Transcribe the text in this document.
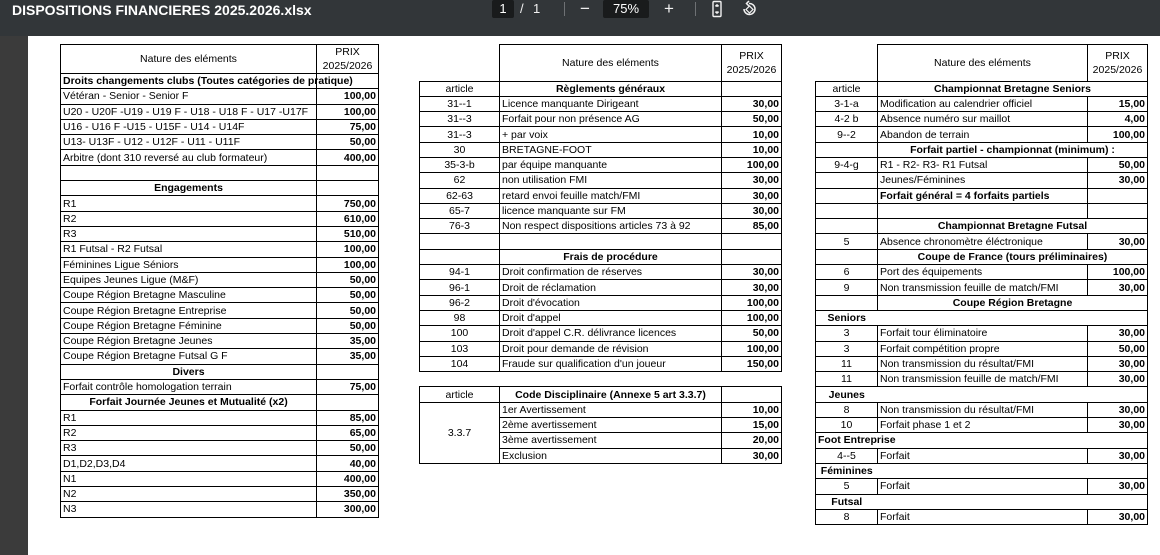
DISPOSITIONS FINANCIERES 2025.2026.xlsx	1	/ 1 −	75%	+
Nature des eléments	PRIX
2025/2026
Droits changements clubs (Toutes catégories de pratique)	
Vétéran - Senior - Senior F	100,00
U20 - U20F -U19 - U19 F - U18 - U18 F - U17 -U17F	100,00
U16 - U16 F -U15 - U15F - U14 - U14F	75,00
U13- U13F - U12 - U12F - U11 - U11F	50,00
Arbitre (dont 310 reversé au club formateur)	400,00

Engagements	
R1	750,00
R2	610,00
R3	510,00
R1 Futsal - R2 Futsal	100,00
Féminines Ligue Séniors	100,00
Equipes Jeunes Ligue (M&F)	50,00
Coupe Région Bretagne Masculine	50,00
Coupe Région Bretagne Entreprise	50,00
Coupe Région Bretagne Féminine	50,00
Coupe Région Bretagne Jeunes	35,00
Coupe Région Bretagne Futsal G F	35,00
Divers	
Forfait contrôle homologation terrain	75,00
Forfait Journée Jeunes et Mutualité (x2)	
R1	85,00
R2	65,00
R3	50,00
D1,D2,D3,D4	40,00
N1	400,00
N2	350,00
N3	300,00
	Nature des eléments	PRIX
2025/2026
article	Règlements généraux	
31--1	Licence manquante Dirigeant	30,00
31--3	Forfait pour non présence AG	50,00
31--3	+ par voix	10,00
30	BRETAGNE-FOOT	10,00
35-3-b	par équipe manquante	100,00
62	non utilisation FMI	30,00
62-63	retard envoi feuille match/FMI	30,00
65-7	licence manquante sur FM	30,00
76-3	Non respect dispositions articles 73 à 92	85,00

	Frais de procédure	
94-1	Droit confirmation de réserves	30,00
96-1	Droit de réclamation	30,00
96-2	Droit d'évocation	100,00
98	Droit d'appel	100,00
100	Droit d'appel C.R. délivrance licences	50,00
103	Droit pour demande de révision	100,00
104	Fraude sur qualification d'un joueur	150,00

article	Code Disciplinaire (Annexe 5 art 3.3.7)	
3.3.7	1er Avertissement	10,00
	2ème avertissement	15,00
	3ème avertissement	20,00
	Exclusion	30,00
	Nature des eléments	PRIX
2025/2026
article	Championnat Bretagne Seniors	
3-1-a	Modification au calendrier officiel	15,00
4-2 b	Absence numéro sur maillot	4,00
9--2	Abandon de terrain	100,00
	Forfait partiel - championnat (minimum) :	
9-4-g	R1 - R2- R3- R1 Futsal	50,00
	Jeunes/Féminines	30,00
	Forfait général = 4 forfaits partiels	

	Championnat Bretagne Futsal	
5	Absence chronomètre éléctronique	30,00
	Coupe de France (tours préliminaires)	
6	Port des équipements	100,00
9	Non transmission feuille de match/FMI	30,00
	Coupe Région Bretagne	
Seniors		
3	Forfait tour éliminatoire	30,00
3	Forfait compétition propre	50,00
11	Non transmission du résultat/FMI	30,00
11	Non transmission feuille de match/FMI	30,00
Jeunes		
8	Non transmission du résultat/FMI	30,00
10	Forfait phase 1 et 2	30,00
Foot Entreprise		
4--5	Forfait	30,00
Féminines		
5	Forfait	30,00
Futsal		
8	Forfait	30,00
